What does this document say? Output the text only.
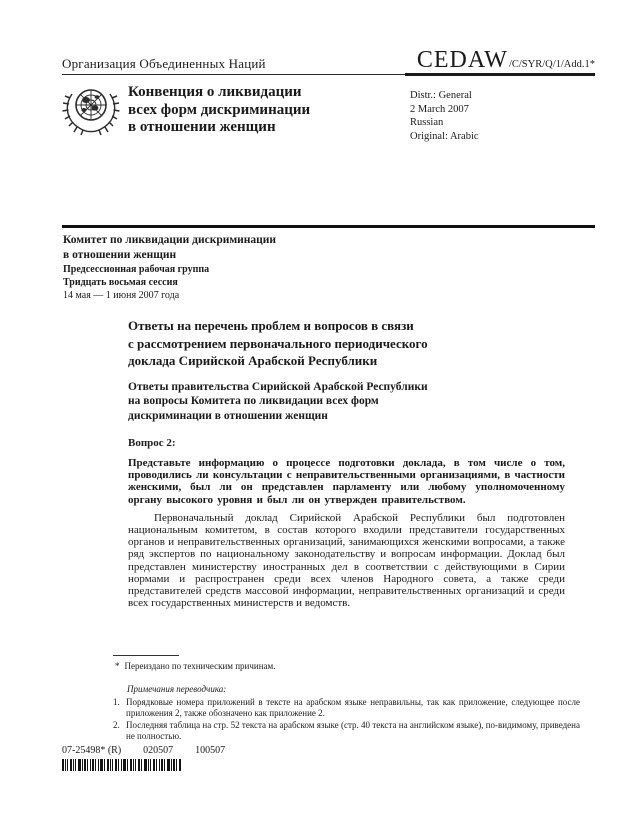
Организация Объединенных Наций	CEDAW /C/SYR/Q/1/Add.1*
Конвенция о ликвидации
всех форм дискриминации
в отношении женщин
Distr.: General
2 March 2007
Russian
Original: Arabic
Комитет по ликвидации дискриминации
в отношении женщин
Предсессионная рабочая группа
Тридцать восьмая сессия
14 мая — 1 июня 2007 года
Ответы на перечень проблем и вопросов в связи
с рассмотрением первоначального периодического
доклада Сирийской Арабской Республики
Ответы правительства Сирийской Арабской Республики
на вопросы Комитета по ликвидации всех форм
дискриминации в отношении женщин
Вопрос 2:
Представьте информацию о процессе подготовки доклада, в том числе о том, проводились ли консультации с неправительственными организациями, в частности женскими, был ли он представлен парламенту или любому уполномоченному органу высокого уровня и был ли он утвержден правительством.
Первоначальный доклад Сирийской Арабской Республики был подготовлен национальным комитетом, в состав которого входили представители государственных органов и неправительственных организаций, занимающихся женскими вопросами, а также ряд экспертов по национальному законодательству и вопросам информации. Доклад был представлен министерству иностранных дел в соответствии с действующими в Сирии нормами и распространен среди всех членов Народного совета, а также среди представителей средств массовой информации, неправительственных организаций и среди всех государственных министерств и ведомств.
* Переиздано по техническим причинам.
Примечания переводчика:
1. Порядковые номера приложений в тексте на арабском языке неправильны, так как приложение, следующее после приложения 2, также обозначено как приложение 2.
2. Последняя таблица на стр. 52 текста на арабском языке (стр. 40 текста на английском языке), по-видимому, приведена не полностью.
07-25498* (R) 020507 100507
